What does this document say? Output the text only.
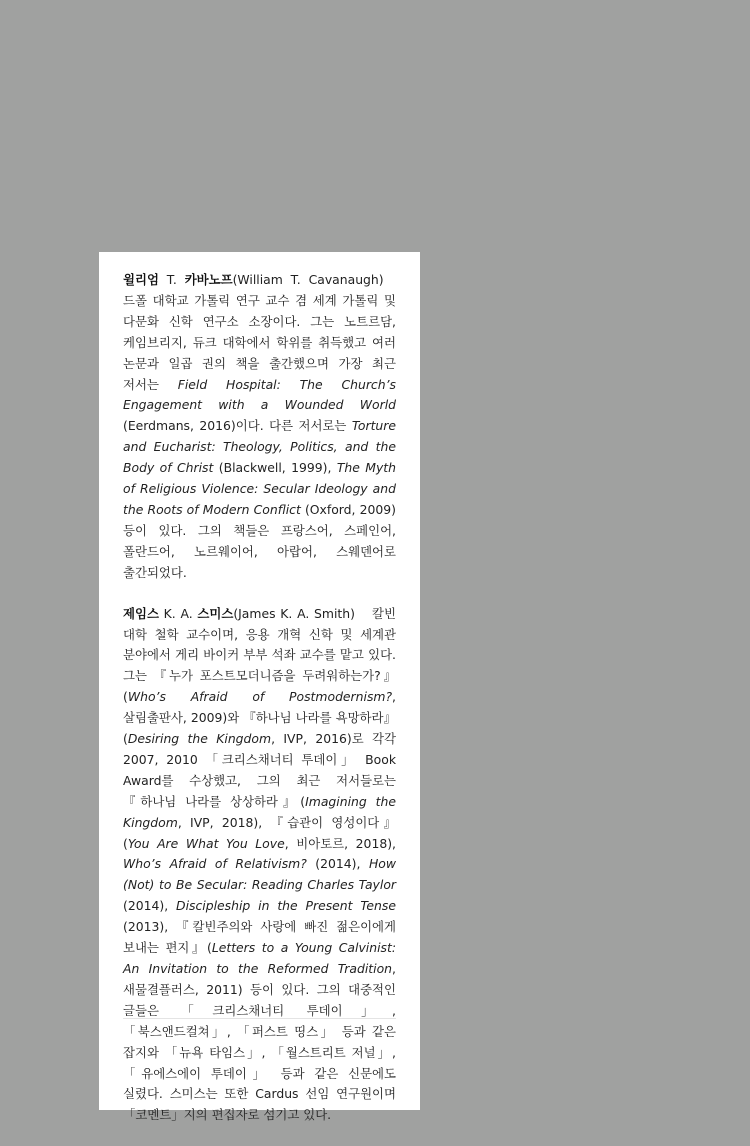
윌리엄 T. 카바노프(William T. Cavanaugh)  드폴 대학교 가톨릭 연구 교수 겸 세계 가톨릭 및 다문화 신학 연구소 소장이다. 그는 노트르담, 케임브리지, 듀크 대학에서 학위를 취득했고 여러 논문과 일곱 권의 책을 출간했으며 가장 최근 저서는 Field Hospital: The Church’s Engagement with a Wounded World (Eerdmans, 2016)이다. 다른 저서로는 Torture and Eucharist: Theology, Politics, and the Body of Christ (Blackwell, 1999), The Myth of Religious Violence: Secular Ideology and the Roots of Modern Conflict (Oxford, 2009) 등이 있다. 그의 책들은 프랑스어, 스페인어, 폴란드어, 노르웨이어, 아랍어, 스웨덴어로 출간되었다.

제임스 K. A. 스미스(James K. A. Smith)  칼빈 대학 철학 교수이며, 응용 개혁 신학 및 세계관 분야에서 게리 바이커 부부 석좌 교수를 맡고 있다. 그는 『누가 포스트모더니즘을 두려워하는가?』(Who’s Afraid of Postmodernism?, 살림출판사, 2009)와 『하나님 나라를 욕망하라』(Desiring the Kingdom, IVP, 2016)로 각각 2007, 2010 「크리스채너티 투데이」 Book Award를 수상했고, 그의 최근 저서들로는 『하나님 나라를 상상하라』(Imagining the Kingdom, IVP, 2018), 『습관이 영성이다』(You Are What You Love, 비아토르, 2018), Who’s Afraid of Relativism? (2014), How (Not) to Be Secular: Reading Charles Taylor (2014), Discipleship in the Present Tense (2013), 『칼빈주의와 사랑에 빠진 젊은이에게 보내는 편지』(Letters to a Young Calvinist: An Invitation to the Reformed Tradition, 새물결플러스, 2011) 등이 있다. 그의 대중적인 글들은 「크리스채너티 투데이」, 「북스앤드컬쳐」, 「퍼스트 띵스」 등과 같은 잡지와 「뉴욕 타임스」, 「월스트리트 저널」, 「유에스에이 투데이」 등과 같은 신문에도 실렸다. 스미스는 또한 Cardus 선임 연구원이며 「코멘트」지의 편집자로 섬기고 있다.
